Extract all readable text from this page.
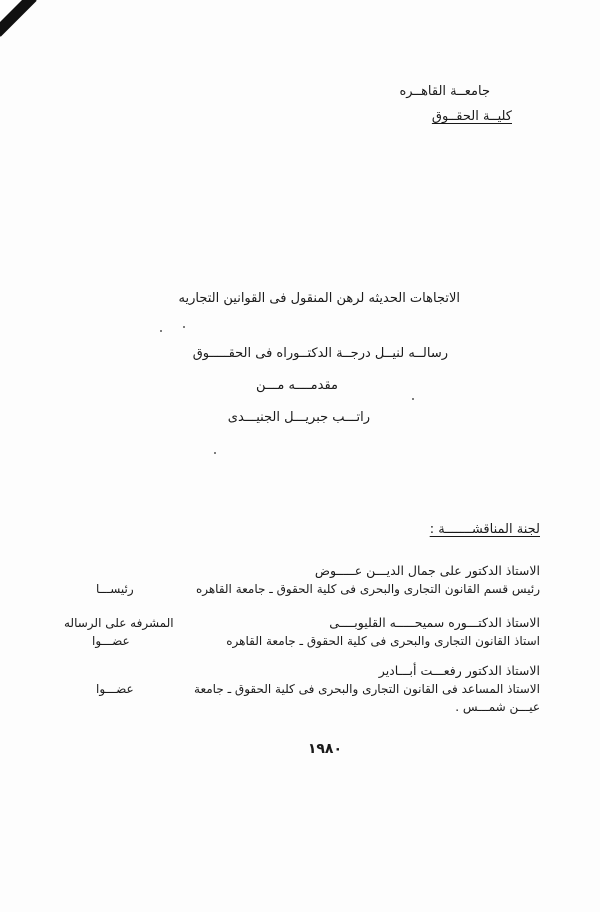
جامعــة القاهــره
كليــة الحقــوق
الاتجاهات الحديثه لرهن المنقول فى القوانين التجاريه
رسالــه لنيــل درجــة الدكتــوراه فى الحقـــــوق
مقدمــــه مـــن
راتـــب جبريـــل الجنيـــدى
لجنة المناقشـــــــة :
الاستاذ الدكتور على جمال الديـــن عـــــوض
رئيس قسم القانون التجارى والبحرى فى كلية الحقوق ـ جامعة القاهره
رئيســـا
الاستاذ الدكتـــوره سميحـــــه القليوبــــى
المشرفه على الرساله
استاذ القانون التجارى والبحرى فى كلية الحقوق ـ جامعة القاهره
عضـــوا
الاستاذ الدكتور رفعـــت أبـــادير
الاستاذ المساعد فى القانون التجارى والبحرى فى كلية الحقوق ـ جامعة
عضـــوا
عيـــن شمـــس .
١٩٨٠
